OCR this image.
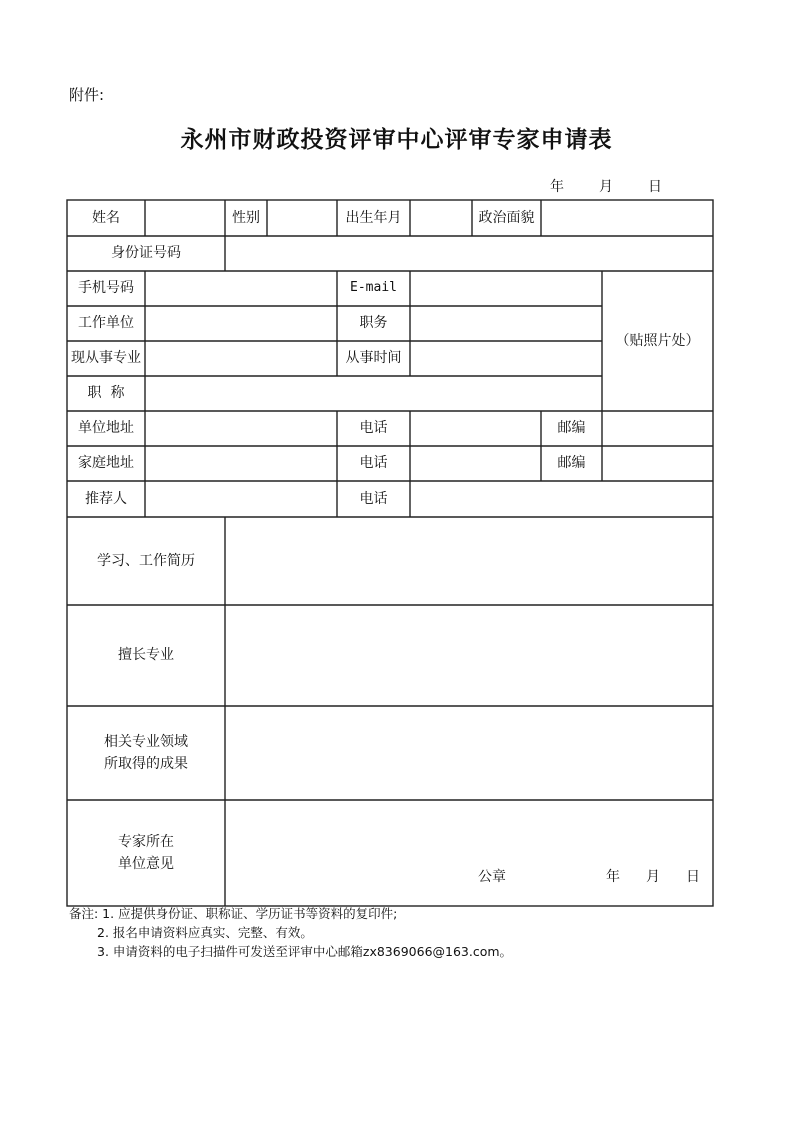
附件:
永州市财政投资评审中心评审专家申请表
年	月	日
姓名	性别	出生年月	政治面貌
身份证号码
手机号码	E-mail
（贴照片处）
工作单位	职务
现从事专业	从事时间
职  称
单位地址	电话	邮编
家庭地址	电话	邮编
推荐人	电话
学习、工作简历
擅长专业
相关专业领域
所取得的成果
专家所在
单位意见
公章	年 月 日
备注: 1. 应提供身份证、职称证、学历证书等资料的复印件;
2. 报名申请资料应真实、完整、有效。
3. 申请资料的电子扫描件可发送至评审中心邮箱zx8369066@163.com。
